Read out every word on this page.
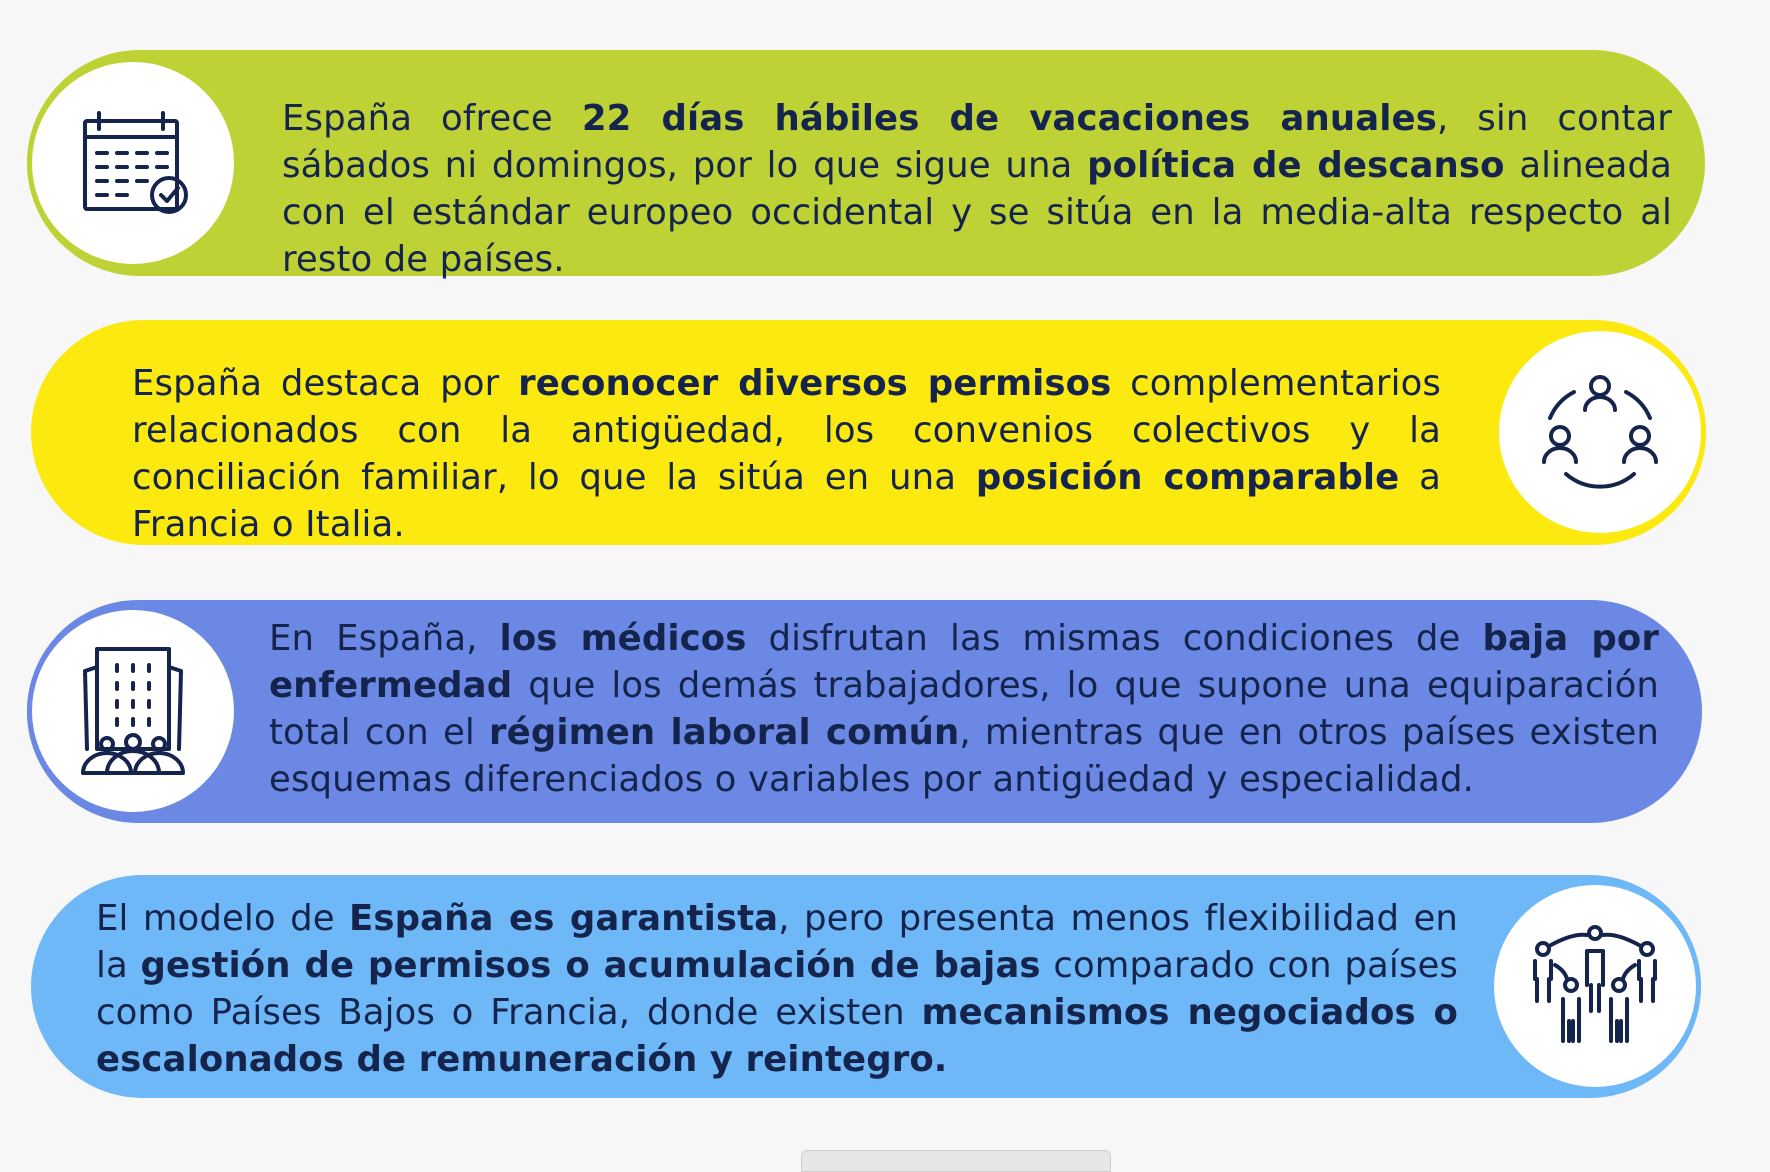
España ofrece 22 días hábiles de vacaciones anuales, sin contar sábados ni domingos, por lo que sigue una política de descanso alineada con el estándar europeo occidental y se sitúa en la media-alta respecto al resto de países.
España destaca por reconocer diversos permisos complementarios relacionados con la antigüedad, los convenios colectivos y la conciliación familiar, lo que la sitúa en una posición comparable a Francia o Italia.
En España, los médicos disfrutan las mismas condiciones de baja por enfermedad que los demás trabajadores, lo que supone una equiparación total con el régimen laboral común, mientras que en otros países existen esquemas diferenciados o variables por antigüedad y especialidad.
El modelo de España es garantista, pero presenta menos flexibilidad en la gestión de permisos o acumulación de bajas comparado con países como Países Bajos o Francia, donde existen mecanismos negociados o escalonados de remuneración y reintegro.
